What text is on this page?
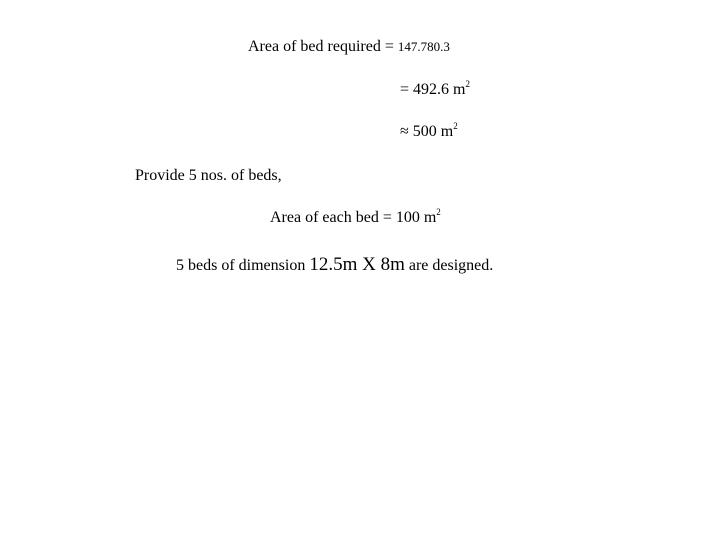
Area of bed required = 147.780.3
= 492.6 $m^2$
≈ 500 $m^2$
Provide 5 nos. of beds,
Area of each bed = 100 $m^2$
5 beds of dimension 12.5m X 8m are designed.
